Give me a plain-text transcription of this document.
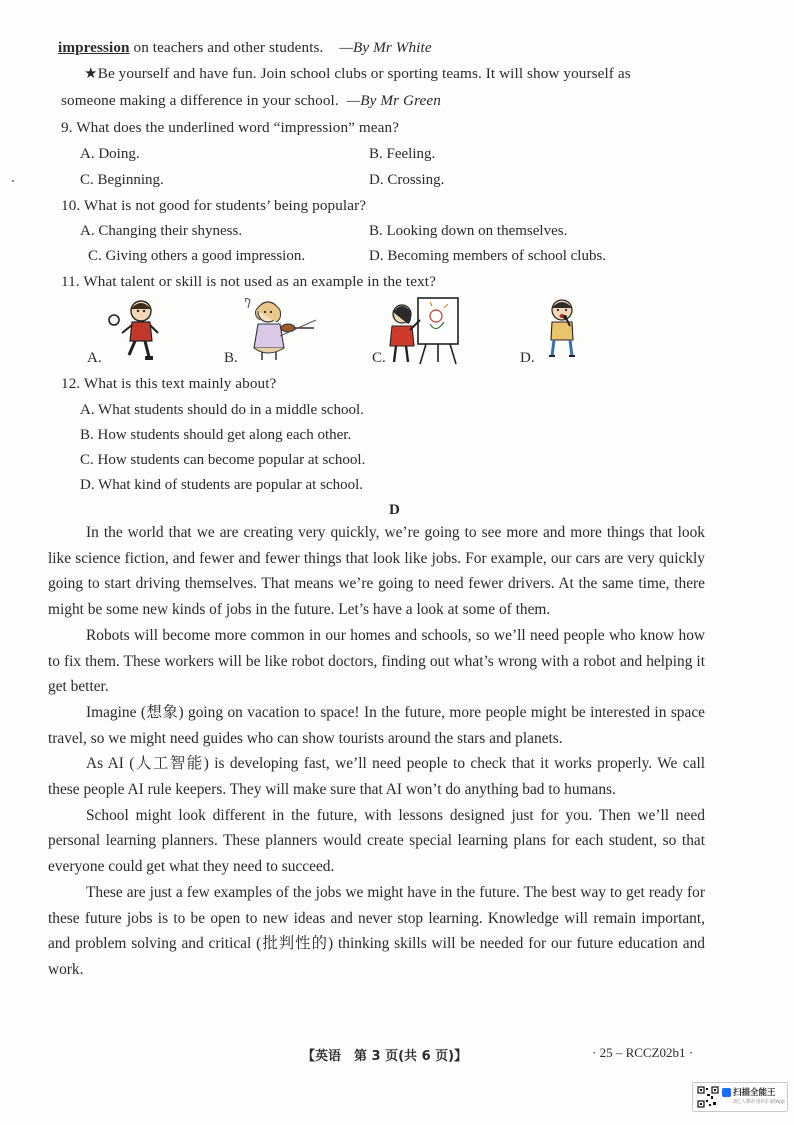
impression on teachers and other students. —By Mr White
★Be yourself and have fun. Join school clubs or sporting teams. It will show yourself as
someone making a difference in your school. —By Mr Green
9. What does the underlined word “impression” mean?
A. Doing.	B. Feeling.
C. Beginning.	D. Crossing.
10. What is not good for students’ being popular?
A. Changing their shyness.	B. Looking down on themselves.
C. Giving others a good impression.	D. Becoming members of school clubs.
11. What talent or skill is not used as an example in the text?
A.	B.	C.	D.
12. What is this text mainly about?
A. What students should do in a middle school.
B. How students should get along each other.
C. How students can become popular at school.
D. What kind of students are popular at school.
D

In the world that we are creating very quickly, we’re going to see more and more things that look like science fiction, and fewer and fewer things that look like jobs. For example, our cars are very quickly going to start driving themselves. That means we’re going to need fewer drivers. At the same time, there might be some new kinds of jobs in the future. Let’s have a look at some of them.

Robots will become more common in our homes and schools, so we’ll need people who know how to fix them. These workers will be like robot doctors, finding out what’s wrong with a robot and helping it get better.

Imagine (想象) going on vacation to space! In the future, more people might be interested in space travel, so we might need guides who can show tourists around the stars and planets.

As AI (人工智能) is developing fast, we’ll need people to check that it works properly. We call these people AI rule keepers. They will make sure that AI won’t do anything bad to humans.

School might look different in the future, with lessons designed just for you. Then we’ll need personal learning planners. These planners would create special learning plans for each student, so that everyone could get what they need to succeed.

These are just a few examples of the jobs we might have in the future. The best way to get ready for these future jobs is to be open to new ideas and never stop learning. Knowledge will remain important, and problem solving and critical (批判性的) thinking skills will be needed for our future education and work.

【英语　第 3 页(共 6 页)】	· 25 – RCCZ02b1 ·
扫描全能王
3亿人都在用的扫描App
